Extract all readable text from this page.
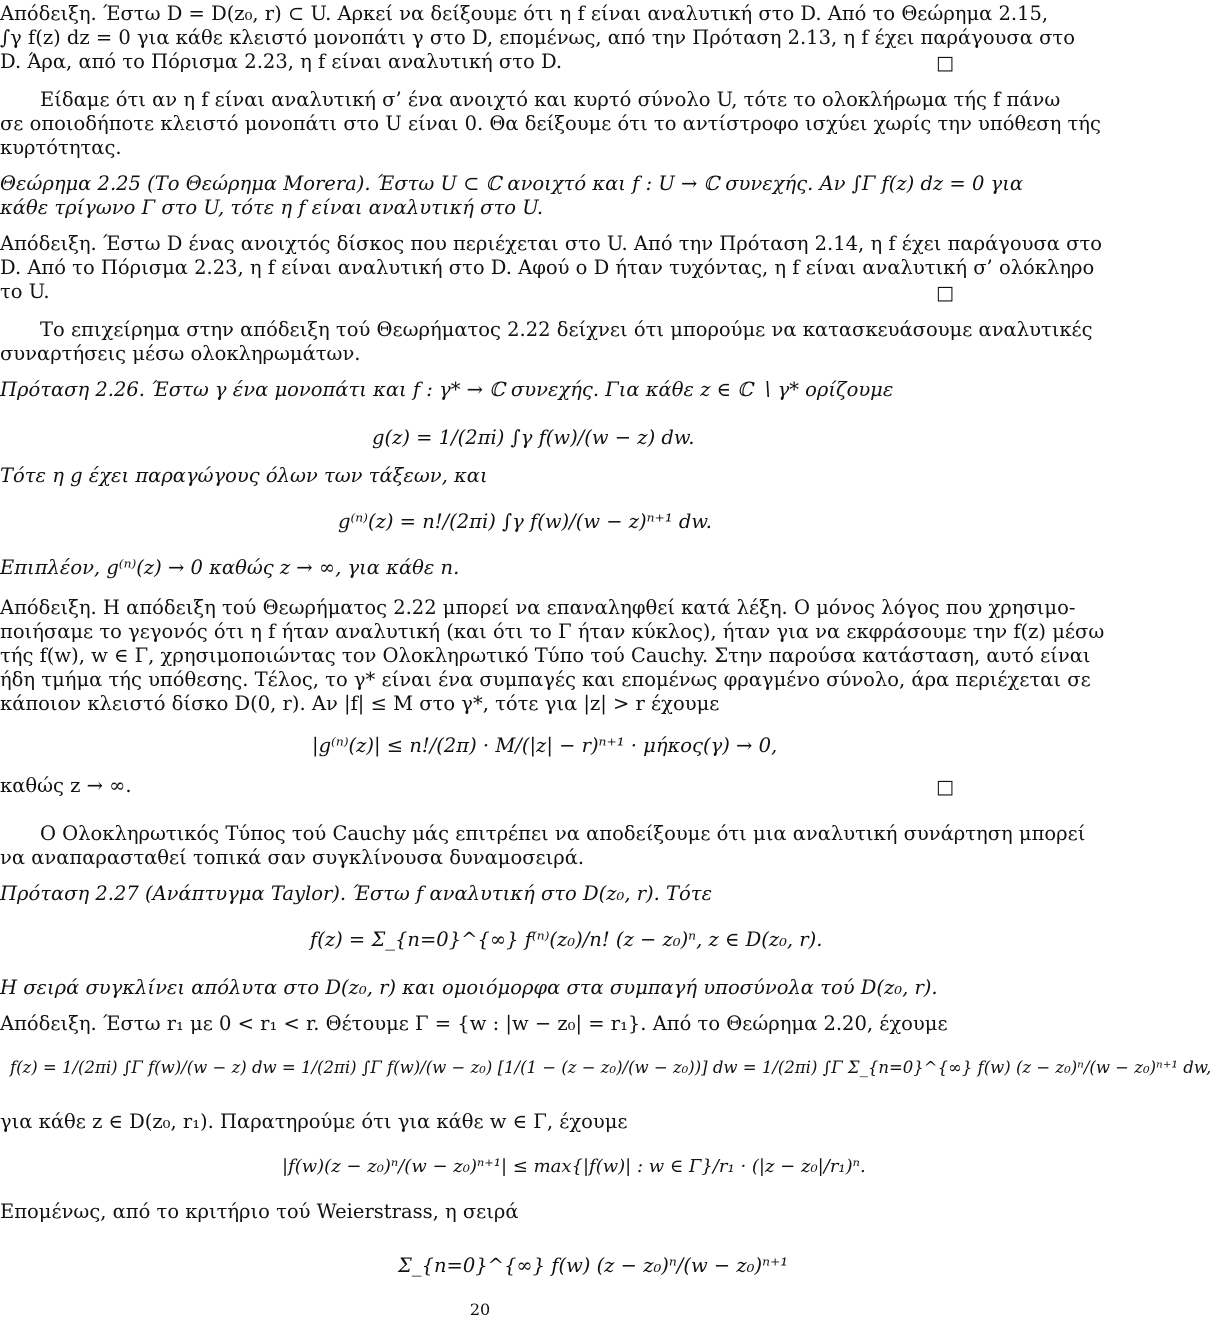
Απόδειξη. Έστω D = D(z₀, r) ⊂ U. Αρκεί να δείξουμε ότι η f είναι αναλυτική στο D. Από το Θεώρημα 2.15,
∫γ f(z) dz = 0 για κάθε κλειστό μονοπάτι γ στο D, επομένως, από την Πρόταση 2.13, η f έχει παράγουσα στο
D. Άρα, από το Πόρισμα 2.23, η f είναι αναλυτική στο D.	□
Είδαμε ότι αν η f είναι αναλυτική σ’ ένα ανοιχτό και κυρτό σύνολο U, τότε το ολοκλήρωμα τής f πάνω
σε οποιοδήποτε κλειστό μονοπάτι στο U είναι 0. Θα δείξουμε ότι το αντίστροφο ισχύει χωρίς την υπόθεση τής
κυρτότητας.
Θεώρημα 2.25 (Το Θεώρημα Morera). Έστω U ⊂ ℂ ανοιχτό και f : U → ℂ συνεχής. Αν ∫Γ f(z) dz = 0 για
κάθε τρίγωνο Γ στο U, τότε η f είναι αναλυτική στο U.
Απόδειξη. Έστω D ένας ανοιχτός δίσκος που περιέχεται στο U. Από την Πρόταση 2.14, η f έχει παράγουσα στο
D. Από το Πόρισμα 2.23, η f είναι αναλυτική στο D. Αφού ο D ήταν τυχόντας, η f είναι αναλυτική σ’ ολόκληρο
το U.	□
Το επιχείρημα στην απόδειξη τού Θεωρήματος 2.22 δείχνει ότι μπορούμε να κατασκευάσουμε αναλυτικές
συναρτήσεις μέσω ολοκληρωμάτων.
Πρόταση 2.26. Έστω γ ένα μονοπάτι και f : γ* → ℂ συνεχής. Για κάθε z ∈ ℂ ∖ γ* ορίζουμε
g(z) = 1/(2πi) ∫γ f(w)/(w − z) dw.
Τότε η g έχει παραγώγους όλων των τάξεων, και
g⁽ⁿ⁾(z) = n!/(2πi) ∫γ f(w)/(w − z)ⁿ⁺¹ dw.
Επιπλέον, g⁽ⁿ⁾(z) → 0 καθώς z → ∞, για κάθε n.
Απόδειξη. Η απόδειξη τού Θεωρήματος 2.22 μπορεί να επαναληφθεί κατά λέξη. Ο μόνος λόγος που χρησιμο-
ποιήσαμε το γεγονός ότι η f ήταν αναλυτική (και ότι το Γ ήταν κύκλος), ήταν για να εκφράσουμε την f(z) μέσω
τής f(w), w ∈ Γ, χρησιμοποιώντας τον Ολοκληρωτικό Τύπο τού Cauchy. Στην παρούσα κατάσταση, αυτό είναι
ήδη τμήμα τής υπόθεσης. Τέλος, το γ* είναι ένα συμπαγές και επομένως φραγμένο σύνολο, άρα περιέχεται σε
κάποιον κλειστό δίσκο D(0, r). Αν |f| ≤ M στο γ*, τότε για |z| > r έχουμε
|g⁽ⁿ⁾(z)| ≤ n!/(2π) · M/(|z| − r)ⁿ⁺¹ · μήκος(γ) → 0,
καθώς z → ∞.	□
Ο Ολοκληρωτικός Τύπος τού Cauchy μάς επιτρέπει να αποδείξουμε ότι μια αναλυτική συνάρτηση μπορεί
να αναπαρασταθεί τοπικά σαν συγκλίνουσα δυναμοσειρά.
Πρόταση 2.27 (Ανάπτυγμα Taylor). Έστω f αναλυτική στο D(z₀, r). Τότε
f(z) = Σ_{n=0}^{∞} f⁽ⁿ⁾(z₀)/n! (z − z₀)ⁿ, z ∈ D(z₀, r).
Η σειρά συγκλίνει απόλυτα στο D(z₀, r) και ομοιόμορφα στα συμπαγή υποσύνολα τού D(z₀, r).
Απόδειξη. Έστω r₁ με 0 < r₁ < r. Θέτουμε Γ = {w : |w − z₀| = r₁}. Από το Θεώρημα 2.20, έχουμε
f(z) = 1/(2πi) ∫Γ f(w)/(w − z) dw = 1/(2πi) ∫Γ f(w)/(w − z₀) [1/(1 − (z − z₀)/(w − z₀))] dw = 1/(2πi) ∫Γ Σ_{n=0}^{∞} f(w) (z − z₀)ⁿ/(w − z₀)ⁿ⁺¹ dw,
για κάθε z ∈ D(z₀, r₁). Παρατηρούμε ότι για κάθε w ∈ Γ, έχουμε
|f(w)(z − z₀)ⁿ/(w − z₀)ⁿ⁺¹| ≤ max{|f(w)| : w ∈ Γ}/r₁ · (|z − z₀|/r₁)ⁿ.
Επομένως, από το κριτήριο τού Weierstrass, η σειρά
Σ_{n=0}^{∞} f(w) (z − z₀)ⁿ/(w − z₀)ⁿ⁺¹
20
